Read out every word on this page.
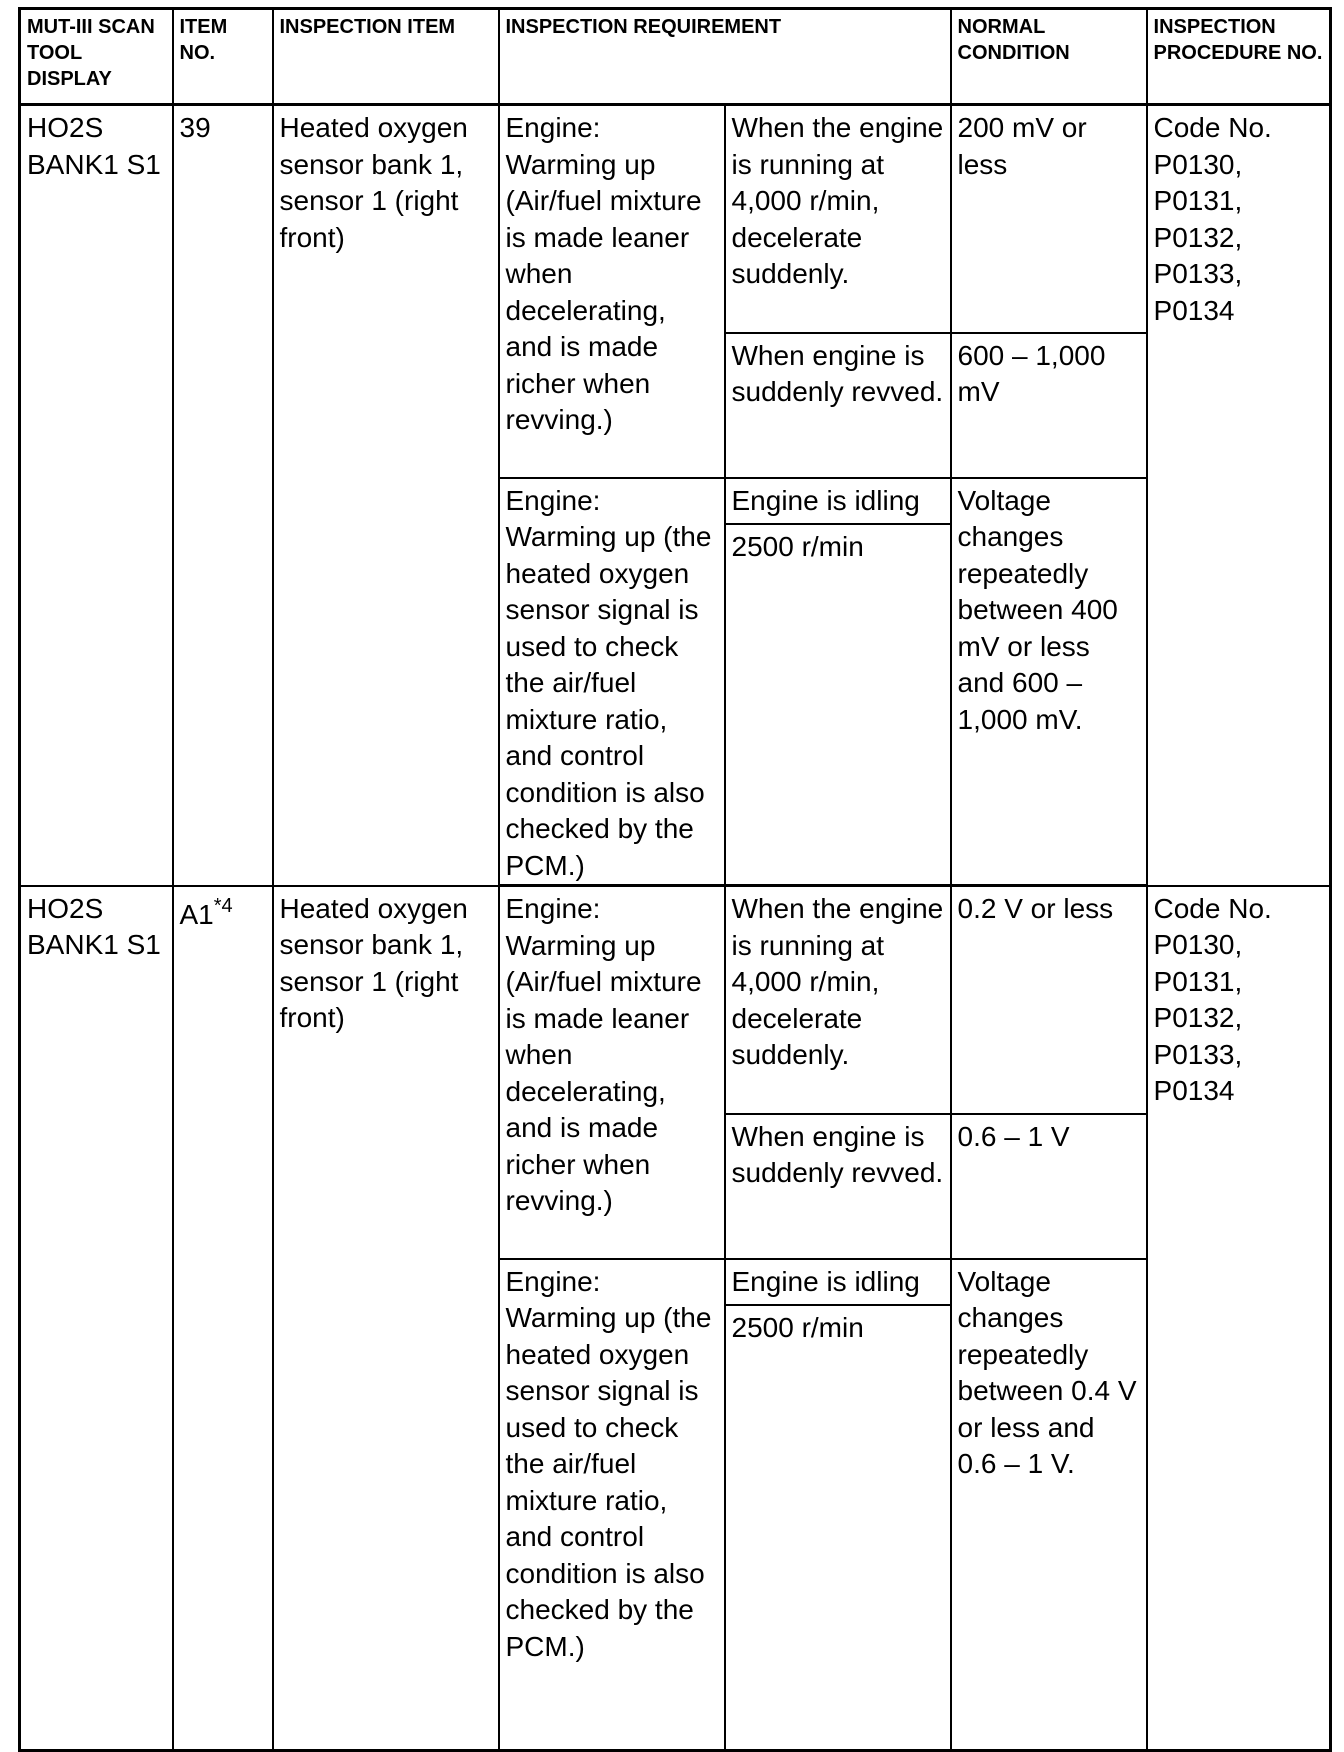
MUT-III SCAN TOOL DISPLAY	ITEM NO.	INSPECTION ITEM	INSPECTION REQUIREMENT		NORMAL CONDITION	INSPECTION PROCEDURE NO.
HO2S BANK1 S1	39	Heated oxygen sensor bank 1, sensor 1 (right front)	Engine: Warming up (Air/fuel mixture is made leaner when decelerating, and is made richer when revving.)	When the engine is running at 4,000 r/min, decelerate suddenly.	200 mV or less	Code No. P0130, P0131, P0132, P0133, P0134
				When engine is suddenly revved.	600 – 1,000 mV	
			Engine: Warming up (the heated oxygen sensor signal is used to check the air/fuel mixture ratio, and control condition is also checked by the PCM.)	Engine is idling	Voltage changes repeatedly between 400 mV or less and 600 – 1,000 mV.	
				2500 r/min		

HO2S BANK1 S1	A1$^{*4}$	Heated oxygen sensor bank 1, sensor 1 (right front)	Engine: Warming up (Air/fuel mixture is made leaner when decelerating, and is made richer when revving.)	When the engine is running at 4,000 r/min, decelerate suddenly.	0.2 V or less	Code No. P0130, P0131, P0132, P0133, P0134
				When engine is suddenly revved.	0.6 – 1 V	
			Engine: Warming up (the heated oxygen sensor signal is used to check the air/fuel mixture ratio, and control condition is also checked by the PCM.)	Engine is idling	Voltage changes repeatedly between 0.4 V or less and 0.6 – 1 V.	
				2500 r/min		
